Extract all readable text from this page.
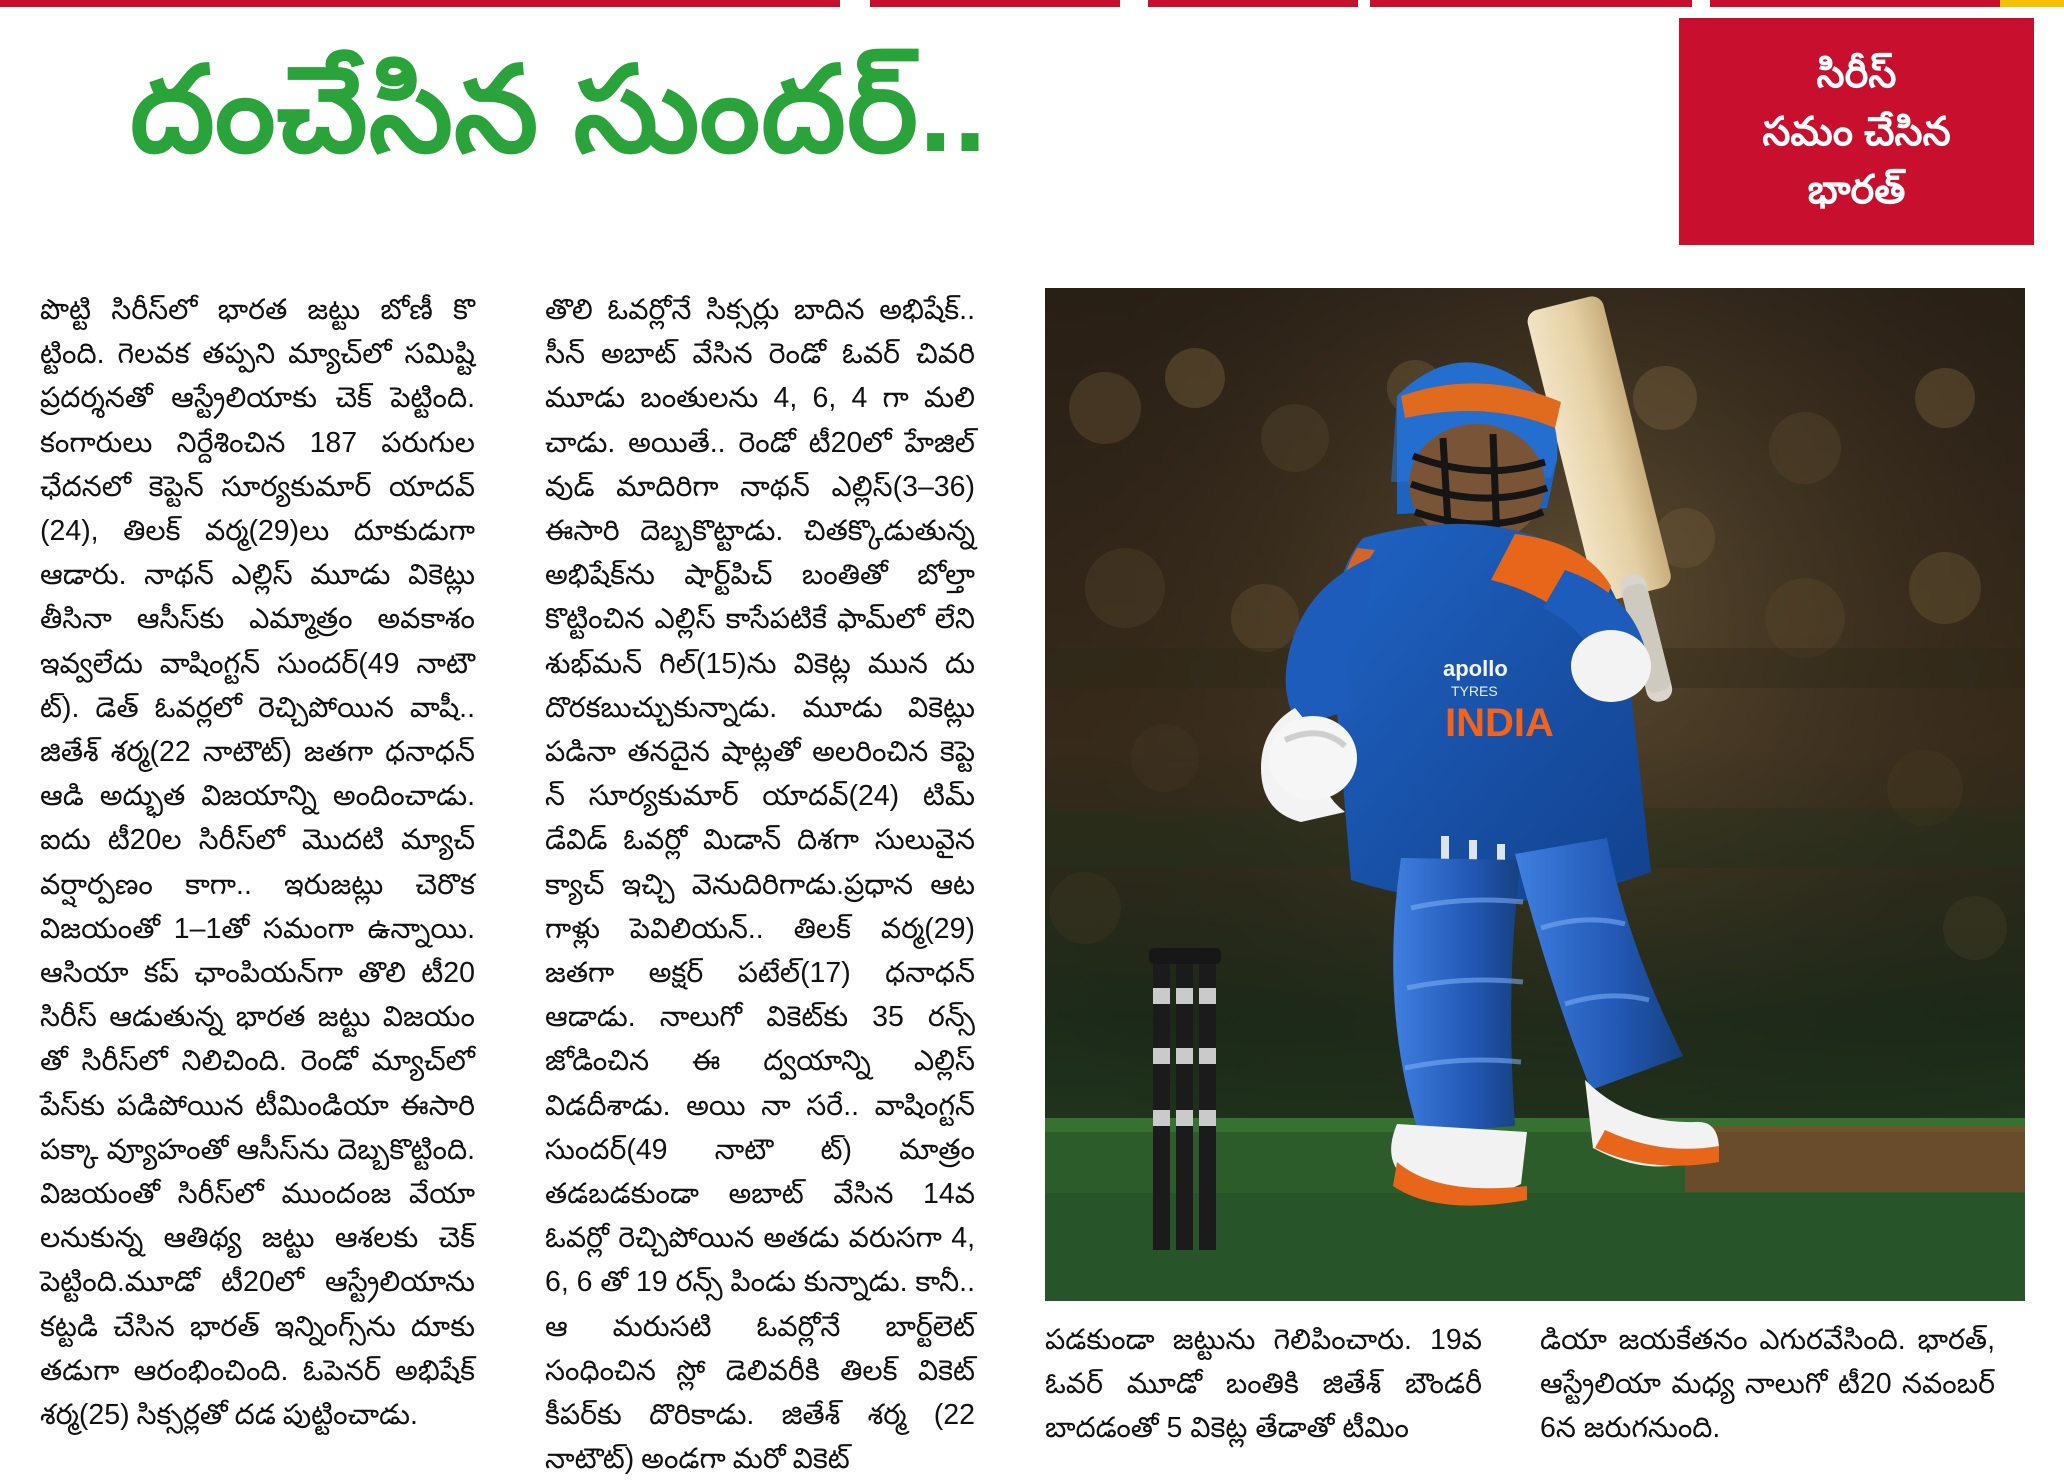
దంచేసిన సుందర్..	సిరీస్
సమం చేసిన
భారత్

పొట్టి సిరీస్‌లో భారత జట్టు బోణీ కొ ట్టింది. గెలవక తప్పని మ్యాచ్‌లో సమిష్టి ప్రదర్శనతో ఆస్ట్రేలియాకు చెక్ పెట్టింది. కంగారులు నిర్దేశించిన 187 పరుగుల ఛేదనలో కెప్టెన్ సూర్యకుమార్ యాదవ్ (24), తిలక్ వర్మ(29)లు దూకుడుగా ఆడారు. నాథన్ ఎల్లిస్ మూడు వికెట్లు తీసినా ఆసీస్‌కు ఎమ్మాత్రం అవకాశం ఇవ్వలేదు వాషింగ్టన్ సుందర్(49 నాటౌ ట్). డెత్ ఓవర్లలో రెచ్చిపోయిన వాషీ.. జితేశ్ శర్మ(22 నాటౌట్) జతగా ధనాధన్ ఆడి అద్భుత విజయాన్ని అందించాడు. ఐదు టీ20ల సిరీస్‌లో మొదటి మ్యాచ్ వర్షార్పణం కాగా.. ఇరుజట్లు చెరొక విజయంతో 1–1తో సమంగా ఉన్నాయి. ఆసియా కప్ ఛాంపియన్‌గా తొలి టీ20 సిరీస్ ఆడుతున్న భారత జట్టు విజయం తో సిరీస్‌లో నిలిచింది. రెండో మ్యాచ్‌లో పేస్‌కు పడిపోయిన టీమిండియా ఈసారి పక్కా వ్యూహంతో ఆసీస్‌ను దెబ్బకొట్టింది. విజయంతో సిరీస్‌లో ముందంజ వేయా లనుకున్న ఆతిథ్య జట్టు ఆశలకు చెక్ పెట్టింది.మూడో టీ20లో ఆస్ట్రేలియాను కట్టడి చేసిన భారత్ ఇన్నింగ్స్‌ను దూకు తడుగా ఆరంభించింది. ఓపెనర్ అభిషేక్ శర్మ(25) సిక్సర్లతో దడ పుట్టించాడు.

తొలి ఓవర్లోనే సిక్సర్లు బాదిన అభిషేక్.. సీన్ అబాట్ వేసిన రెండో ఓవర్ చివరి మూడు బంతులను 4, 6, 4 గా మలి చాడు. అయితే.. రెండో టీ20లో హేజిల్ వుడ్ మాదిరిగా నాథన్ ఎల్లిస్(3–36) ఈసారి దెబ్బకొట్టాడు. చితక్కొడుతున్న అభిషేక్‌ను షార్ట్‌పిచ్ బంతితో బోల్తా కొట్టించిన ఎల్లిస్ కాసేపటికే ఫామ్‌లో లేని శుభ్‌మన్ గిల్(15)ను వికెట్ల మున దు దొరకబుచ్చుకున్నాడు. మూడు వికెట్లు పడినా తనదైన షాట్లతో అలరించిన కెప్టె న్ సూర్యకుమార్ యాదవ్(24) టిమ్ డేవిడ్ ఓవర్లో మిడాన్ దిశగా సులువైన క్యాచ్ ఇచ్చి వెనుదిరిగాడు.ప్రధాన ఆట గాళ్లు పెవిలియన్.. తిలక్ వర్మ(29) జతగా అక్షర్ పటేల్(17) ధనాధన్ ఆడాడు. నాలుగో వికెట్‌కు 35 రన్స్ జోడించిన ఈ ద్వయాన్ని ఎల్లిస్ విడదీశాడు. అయి నా సరే.. వాషింగ్టన్ సుందర్(49 నాటౌ ట్) మాత్రం తడబడకుండా అబాట్ వేసిన 14వ ఓవర్లో రెచ్చిపోయిన అతడు వరుసగా 4, 6, 6 తో 19 రన్స్ పిండు కున్నాడు. కానీ.. ఆ మరుసటి ఓవర్లోనే బార్ట్‌లెట్ సంధించిన స్లో డెలివరీకి తిలక్ వికెట్ కీపర్‌కు దొరికాడు. జితేశ్ శర్మ (22 నాటౌట్) అండగా మరో వికెట్

INDIA
apollo
TYRES

పడకుండా జట్టును గెలిపించారు. 19వ ఓవర్ మూడో బంతికి జితేశ్ బౌండరీ బాదడంతో 5 వికెట్ల తేడాతో టీమిం

డియా జయకేతనం ఎగురవేసింది. భారత్, ఆస్ట్రేలియా మధ్య నాలుగో టీ20 నవంబర్ 6న జరుగనుంది.
